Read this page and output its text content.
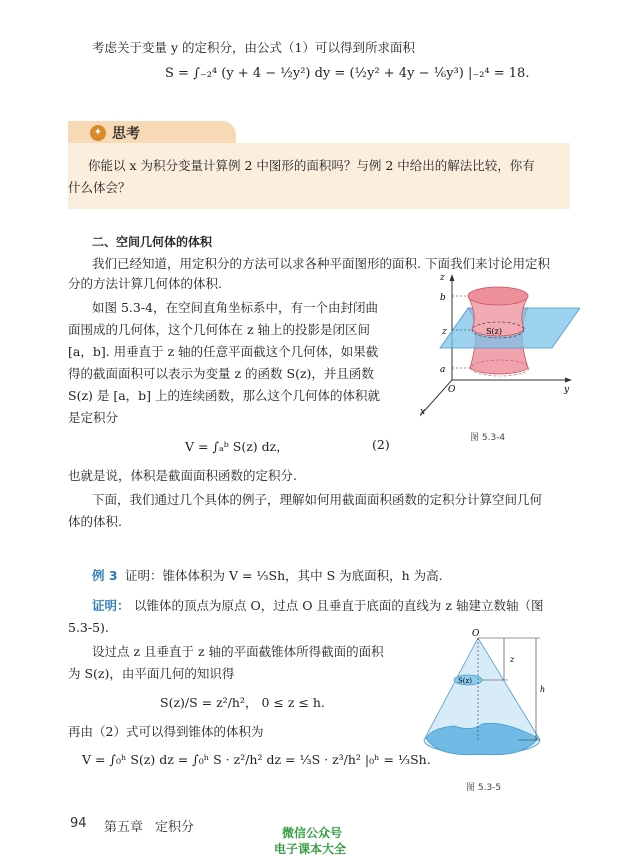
考虑关于变量 y 的定积分，由公式（1）可以得到所求面积
S = ∫₋₂⁴ (y + 4 − ½y²) dy = (½y² + 4y − ⅙y³) |₋₂⁴ = 18.
✦ 思考
你能以 x 为积分变量计算例 2 中图形的面积吗？与例 2 中给出的解法比较，你有
什么体会？
二、空间几何体的体积
我们已经知道，用定积分的方法可以求各种平面图形的面积. 下面我们来讨论用定积
分的方法计算几何体的体积.
如图 5.3-4，在空间直角坐标系中，有一个由封闭曲
面围成的几何体，这个几何体在 z 轴上的投影是闭区间
[a，b]. 用垂直于 z 轴的任意平面截这个几何体，如果截
得的截面面积可以表示为变量 z 的函数 S(z)，并且函数
S(z) 是 [a，b] 上的连续函数，那么这个几何体的体积就
是定积分
V = ∫ₐᵇ S(z) dz，	(2)
也就是说，体积是截面面积函数的定积分.
下面，我们通过几个具体的例子，理解如何用截面面积函数的定积分计算空间几何
体的体积.
z
b
z
a
O	y
x
S(z)
图 5.3-4
例 3 证明：锥体体积为 V = ⅓Sh，其中 S 为底面积，h 为高.
证明： 以锥体的顶点为原点 O，过点 O 且垂直于底面的直线为 z 轴建立数轴（图
5.3-5).
设过点 z 且垂直于 z 轴的平面截锥体所得截面的面积
为 S(z)，由平面几何的知识得
S(z)/S = z²/h²， 0 ≤ z ≤ h.
再由（2）式可以得到锥体的体积为
V = ∫₀ʰ S(z) dz = ∫₀ʰ S · z²/h² dz = ⅓S · z³/h² |₀ʰ = ⅓Sh.
O
z
h
S(z)
图 5.3-5
94 第五章 定积分	微信公众号
电子课本大全
